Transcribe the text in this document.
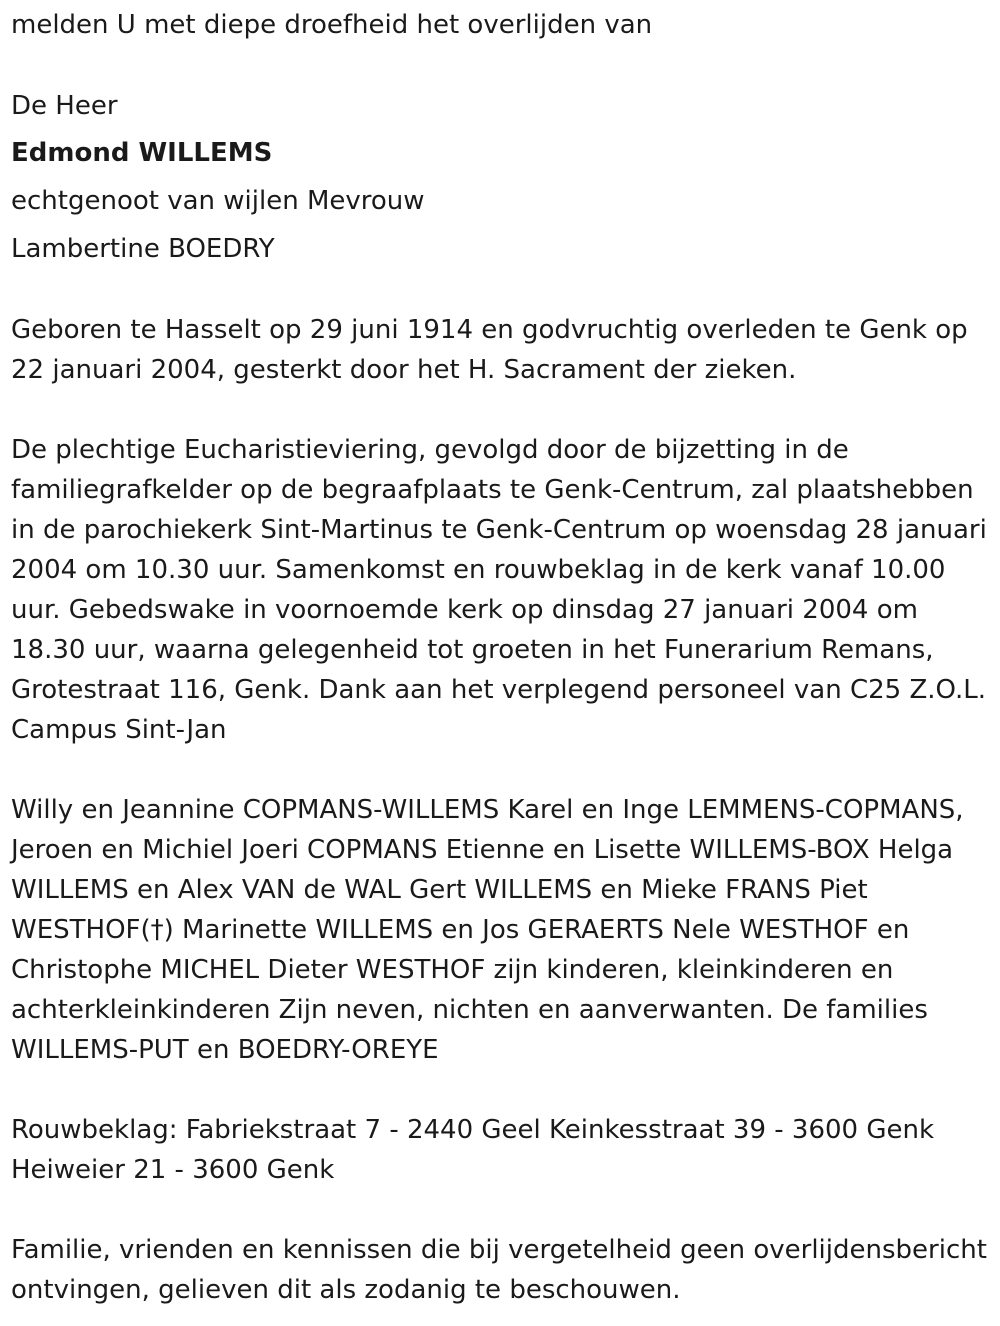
melden U met diepe droefheid het overlijden van
De Heer
Edmond WILLEMS
echtgenoot van wijlen Mevrouw
Lambertine BOEDRY

Geboren te Hasselt op 29 juni 1914 en godvruchtig overleden te Genk op 22 januari 2004, gesterkt door het H. Sacrament der zieken.

De plechtige Eucharistieviering, gevolgd door de bijzetting in de familiegrafkelder op de begraafplaats te Genk-Centrum, zal plaatshebben in de parochiekerk Sint-Martinus te Genk-Centrum op woensdag 28 januari 2004 om 10.30 uur. Samenkomst en rouwbeklag in de kerk vanaf 10.00 uur. Gebedswake in voornoemde kerk op dinsdag 27 januari 2004 om 18.30 uur, waarna gelegenheid tot groeten in het Funerarium Remans, Grotestraat 116, Genk. Dank aan het verplegend personeel van C25 Z.O.L. Campus Sint-Jan

Willy en Jeannine COPMANS-WILLEMS Karel en Inge LEMMENS-COPMANS, Jeroen en Michiel Joeri COPMANS Etienne en Lisette WILLEMS-BOX Helga WILLEMS en Alex VAN de WAL Gert WILLEMS en Mieke FRANS Piet WESTHOF(†) Marinette WILLEMS en Jos GERAERTS Nele WESTHOF en Christophe MICHEL Dieter WESTHOF zijn kinderen, kleinkinderen en achterkleinkinderen Zijn neven, nichten en aanverwanten. De families WILLEMS-PUT en BOEDRY-OREYE

Rouwbeklag: Fabriekstraat 7 - 2440 Geel Keinkesstraat 39 - 3600 Genk Heiweier 21 - 3600 Genk

Familie, vrienden en kennissen die bij vergetelheid geen overlijdensbericht ontvingen, gelieven dit als zodanig te beschouwen.
